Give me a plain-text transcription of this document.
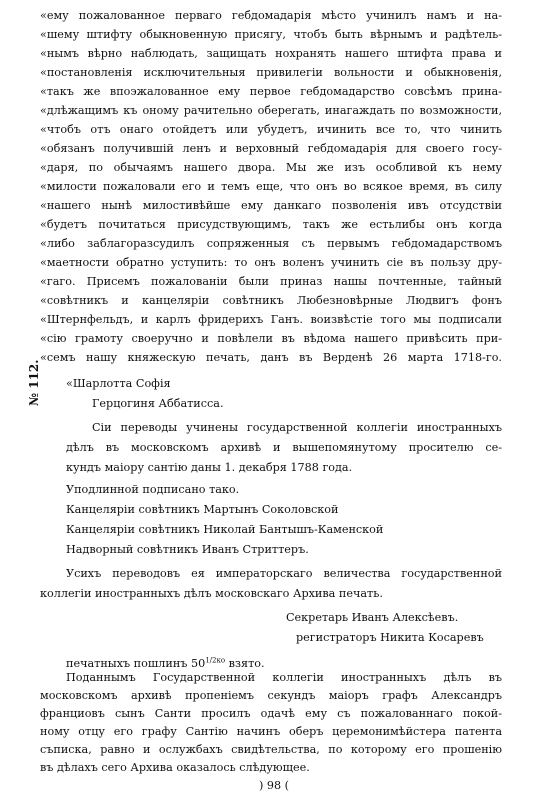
«ему пожалованное перваго гебдомадарія мѣсто учинилъ намъ и на-
«шему штифту обыкновенную присягу, чтобъ быть вѣрнымъ и радѣтель-
«нымъ вѣрно наблюдать, защищать нохранять нашего штифта права и
«постановленія исключительныя привилегіи вольности и обыкновенія,
«такъ же впоэжалованное ему первое гебдомадарство совсѣмъ прина-
«длѣжащимъ къ оному рачительно оберегать, инагаждать по возможности,
«чтобъ отъ онаго отойдетъ или убудетъ, ичинить все то, что чинить
«обязанъ получившій ленъ и верховный гебдомадарія для своего госу-
«даря, по обычаямъ нашего двора. Мы же изъ особливой къ нему
«милости пожаловали его и темъ еще, что онъ во всякое время, въ силу
«нашего нынѣ милостивѣйше ему данкаго позволенія ивъ отсудствіи
«будетъ почитаться присудствующимъ, такъ же естьлибы онъ когда
«либо заблагоразсудилъ сопряженныя съ первымъ гебдомадарствомъ
«маетности обратно уступить: то онъ воленъ учинить сіе въ пользу дру-
«гаго. Присемъ пожалованіи были приназ нашы почтенные, тайный
«совѣтникъ и канцеляріи совѣтникъ Любезновѣрные Людвигъ фонъ
«Штернфельдъ, и карлъ фридерихъ Ганъ. воизвѣстіе того мы подписали
«сію грамоту своеручно и повѣлели въ вѣдома нашего привѣсить при-
«семъ нашу княжескую печать, данъ въ Верденѣ 26 марта 1718-го.
«Шарлотта Софія
Герцогиня Аббатисса.
№ 112.
Сіи переводы учинены государственной коллегіи иностранныхъ
дѣлъ въ московскомъ архивѣ и вышепомянутому просителю се-
кундъ маіору сантію даны 1. декабря 1788 года.
Уподлинной подписано тако.
Канцеляріи совѣтникъ Мартынъ Соколовской
Канцеляріи совѣтникъ Николай Бантышъ-Каменской
Надворный совѣтникъ Иванъ Стриттеръ.
Усихъ переводовъ ея императорскаго величества государственной
коллегіи иностранныхъ дѣлъ московскаго Архива печать.
Секретарь Иванъ Алексѣевъ.
регистраторъ Никита Косаревъ
печатныхъ пошлинъ $50^{1/2ко}$ взято.
Поданнымъ Государственной коллегіи иностранныхъ дѣлъ въ
московскомъ архивѣ пропеніемъ секундъ маіоръ графъ Александръ
франциовъ сынъ Санти просилъ одачѣ ему съ пожалованнаго покой-
ному отцу его графу Сантію начинъ оберъ церемонимѣйстера патента
съписка, равно и ослужбахъ свидѣтельства, по которому его прошенію
въ дѣлахъ сего Архива оказалось слѣдующее.
) 98 (
